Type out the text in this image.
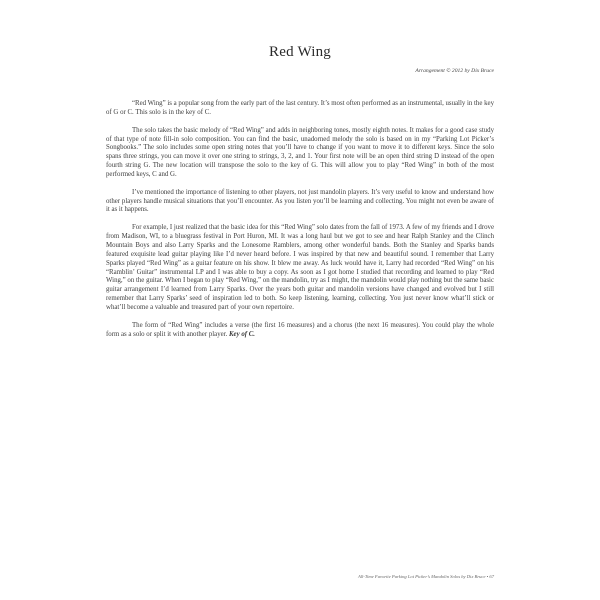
Red Wing
Arrangement © 2012 by Dix Bruce

“Red Wing” is a popular song from the early part of the last century. It’s most often performed as an instrumental, usually in the key of G or C. This solo is in the key of C.

The solo takes the basic melody of “Red Wing” and adds in neighboring tones, mostly eighth notes. It makes for a good case study of that type of note fill-in solo composition. You can find the basic, unadorned melody the solo is based on in my “Parking Lot Picker’s Songbooks.” The solo includes some open string notes that you’ll have to change if you want to move it to different keys. Since the solo spans three strings, you can move it over one string to strings, 3, 2, and 1. Your first note will be an open third string D instead of the open fourth string G. The new location will transpose the solo to the key of G. This will allow you to play “Red Wing” in both of the most performed keys, C and G.

I’ve mentioned the importance of listening to other players, not just mandolin players. It’s very useful to know and understand how other players handle musical situations that you’ll encounter. As you listen you’ll be learning and collecting. You might not even be aware of it as it happens.

For example, I just realized that the basic idea for this “Red Wing” solo dates from the fall of 1973. A few of my friends and I drove from Madison, WI, to a bluegrass festival in Port Huron, MI. It was a long haul but we got to see and hear Ralph Stanley and the Clinch Mountain Boys and also Larry Sparks and the Lonesome Ramblers, among other wonderful bands. Both the Stanley and Sparks bands featured exquisite lead guitar playing like I’d never heard before. I was inspired by that new and beautiful sound. I remember that Larry Sparks played “Red Wing” as a guitar feature on his show. It blew me away. As luck would have it, Larry had recorded “Red Wing” on his “Ramblin’ Guitar” instrumental LP and I was able to buy a copy. As soon as I got home I studied that recording and learned to play “Red Wing,” on the guitar. When I began to play “Red Wing,” on the mandolin, try as I might, the mandolin would play nothing but the same basic guitar arrangement I’d learned from Larry Sparks. Over the years both guitar and mandolin versions have changed and evolved but I still remember that Larry Sparks’ seed of inspiration led to both. So keep listening, learning, collecting. You just never know what’ll stick or what’ll become a valuable and treasured part of your own repertoire.

The form of “Red Wing” includes a verse (the first 16 measures) and a chorus (the next 16 measures). You could play the whole form as a solo or split it with another player. Key of C.

All-Time Favorite Parking Lot Picker’s Mandolin Solos by Dix Bruce • 67
